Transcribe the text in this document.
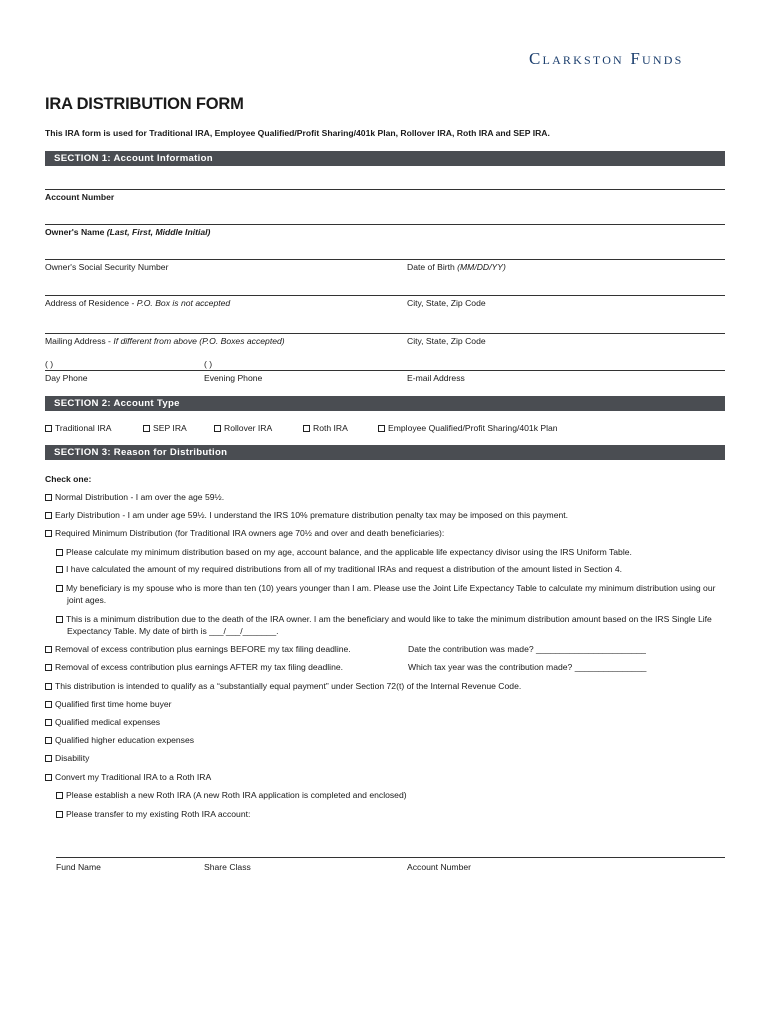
Clarkston Funds
IRA DISTRIBUTION FORM
This IRA form is used for Traditional IRA, Employee Qualified/Profit Sharing/401k Plan, Rollover IRA, Roth IRA and SEP IRA.
SECTION 1: Account Information
Account Number
Owner's Name (Last, First, Middle Initial)
Owner's Social Security Number	Date of Birth (MM/DD/YY)
Address of Residence - P.O. Box is not accepted	City, State, Zip Code
Mailing Address - If different from above (P.O. Boxes accepted)	City, State, Zip Code
( )	( )
Day Phone	Evening Phone	E-mail Address
SECTION 2: Account Type
Traditional IRA	SEP IRA	Rollover IRA	Roth IRA	Employee Qualified/Profit Sharing/401k Plan
SECTION 3: Reason for Distribution
Check one:
Normal Distribution - I am over the age 59½.
Early Distribution - I am under age 59½. I understand the IRS 10% premature distribution penalty tax may be imposed on this payment.
Required Minimum Distribution (for Traditional IRA owners age 70½ and over and death beneficiaries):
Please calculate my minimum distribution based on my age, account balance, and the applicable life expectancy divisor using the IRS Uniform Table.
I have calculated the amount of my required distributions from all of my traditional IRAs and request a distribution of the amount listed in Section 4.
My beneficiary is my spouse who is more than ten (10) years younger than I am. Please use the Joint Life Expectancy Table to calculate my minimum distribution using our joint ages.
This is a minimum distribution due to the death of the IRA owner. I am the beneficiary and would like to take the minimum distribution amount based on the IRS Single Life Expectancy Table. My date of birth is ___/___/_______.
Removal of excess contribution plus earnings BEFORE my tax filing deadline.	Date the contribution was made? _______________________
Removal of excess contribution plus earnings AFTER my tax filing deadline.	Which tax year was the contribution made? _______________
This distribution is intended to qualify as a “substantially equal payment” under Section 72(t) of the Internal Revenue Code.
Qualified first time home buyer
Qualified medical expenses
Qualified higher education expenses
Disability
Convert my Traditional IRA to a Roth IRA
Please establish a new Roth IRA (A new Roth IRA application is completed and enclosed)
Please transfer to my existing Roth IRA account:
Fund Name	Share Class	Account Number
